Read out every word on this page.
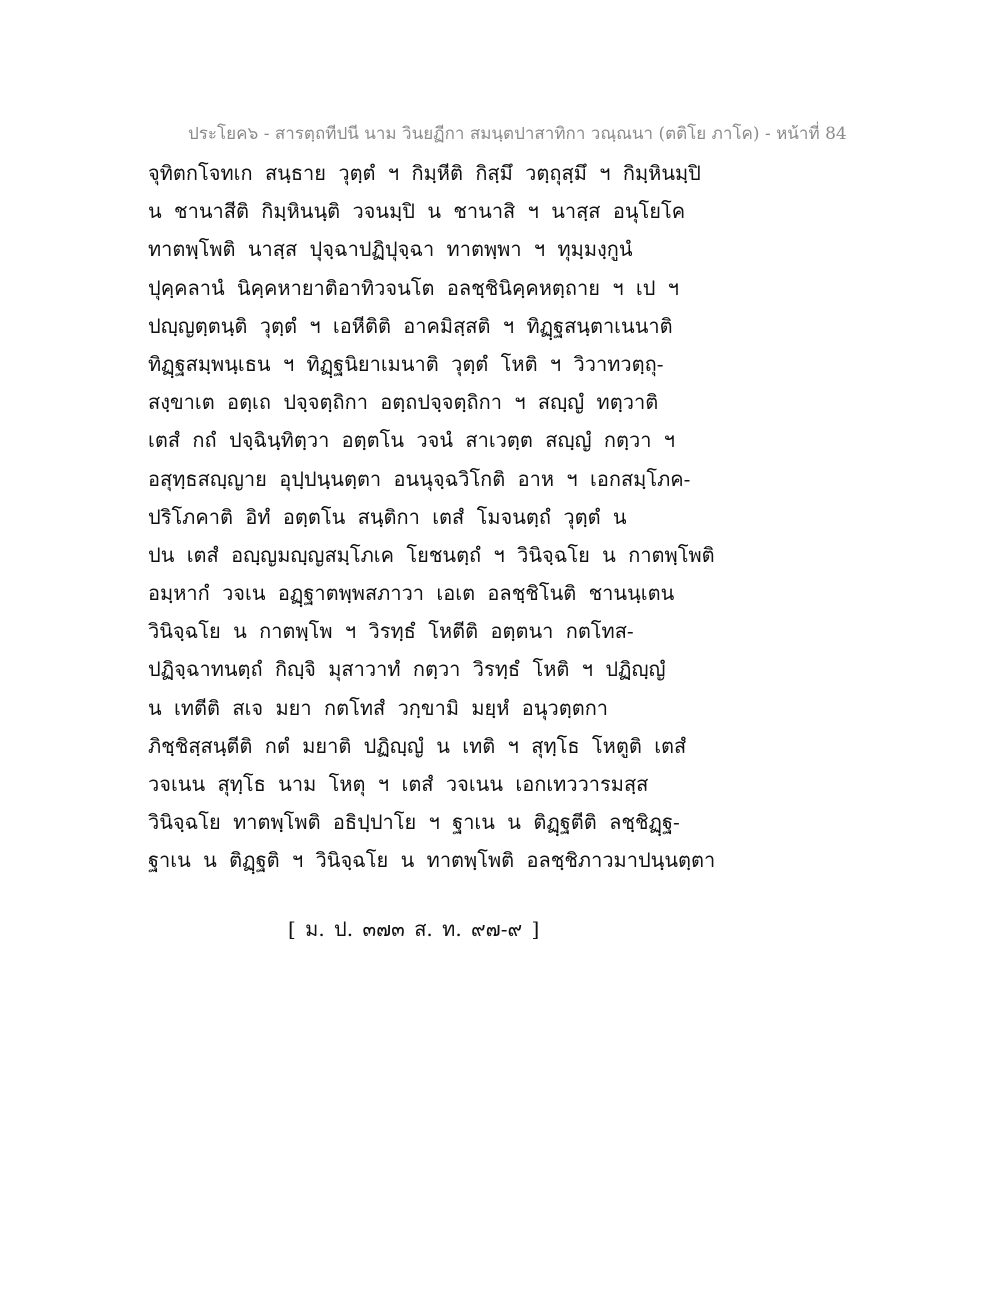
ประโยค๖ - สารตฺถทีปนี นาม วินยฏีกา สมนฺตปาสาทิกา วณฺณนา (ตติโย ภาโค) - หน้าที่ 84
จุทิตกโจทเก สนฺธาย วุตฺตํ ฯ กิมฺหีติ กิสฺมึ วตฺถุสฺมึ ฯ กิมฺหินมฺปิ
น ชานาสีติ กิมฺหินนฺติ วจนมฺปิ น ชานาสิ ฯ นาสฺส อนุโยโค
ทาตพฺโพติ นาสฺส ปุจฺฉาปฏิปุจฺฉา ทาตพฺพา ฯ ทุมฺมงฺกูนํ
ปุคฺคลานํ นิคฺคหายาติอาทิวจนโต อลชฺชินิคฺคหตฺถาย ฯ เป ฯ
ปญฺญตฺตนฺติ วุตฺตํ ฯ เอหีติติ อาคมิสฺสติ ฯ ทิฏฺฐสนฺตาเนนาติ
ทิฏฺฐสมฺพนฺเธน ฯ ทิฏฺฐนิยาเมนาติ วุตฺตํ โหติ ฯ วิวาทวตฺถุ-
สงฺขาเต อตฺเถ ปจฺจตฺถิกา อตฺถปจฺจตฺถิกา ฯ สญฺญํ ทตฺวาติ
เตสํ กถํ ปจฺฉินฺทิตฺวา อตฺตโน วจนํ สาเวตฺต สญฺญํ กตฺวา ฯ
อสุทฺธสญฺญาย อุปฺปนฺนตฺตา อนนุจฺฉวิโกติ อาห ฯ เอกสมฺโภค-
ปริโภคาติ อิทํ อตฺตโน สนฺติกา เตสํ โมจนตฺถํ วุตฺตํ น
ปน เตสํ อญฺญมญฺญสมฺโภเค โยชนตฺถํ ฯ วินิจฺฉโย น กาตพฺโพติ
อมฺหากํ วจเน อฏฺฐาตพฺพสภาวา เอเต อลชฺชิโนติ ชานนฺเตน
วินิจฺฉโย น กาตพฺโพ ฯ วิรทฺธํ โหตีติ อตฺตนา กตโทส-
ปฏิจฺฉาทนตฺถํ กิญฺจิ มุสาวาทํ กตฺวา วิรทฺธํ โหติ ฯ ปฏิญฺญํ
น เทตีติ สเจ มยา กตโทสํ วกฺขามิ มยฺหํ อนุวตฺตกา
ภิชฺชิสฺสนฺตีติ กตํ มยาติ ปฏิญฺญํ น เทติ ฯ สุทฺโธ โหตูติ เตสํ
วจเนน สุทฺโธ นาม โหตุ ฯ เตสํ วจเนน เอกเทววารมสฺส
วินิจฺฉโย ทาตพฺโพติ อธิปฺปาโย ฯ ฐาเน น ติฏฺฐตีติ ลชฺชิฏฺฐ-
ฐาเน น ติฏฺฐติ ฯ วินิจฺฉโย น ทาตพฺโพติ อลชฺชิภาวมาปนฺนตฺตา
[ ม. ป. ๓๗๓ ส. ท. ๙๗-๙ ]
